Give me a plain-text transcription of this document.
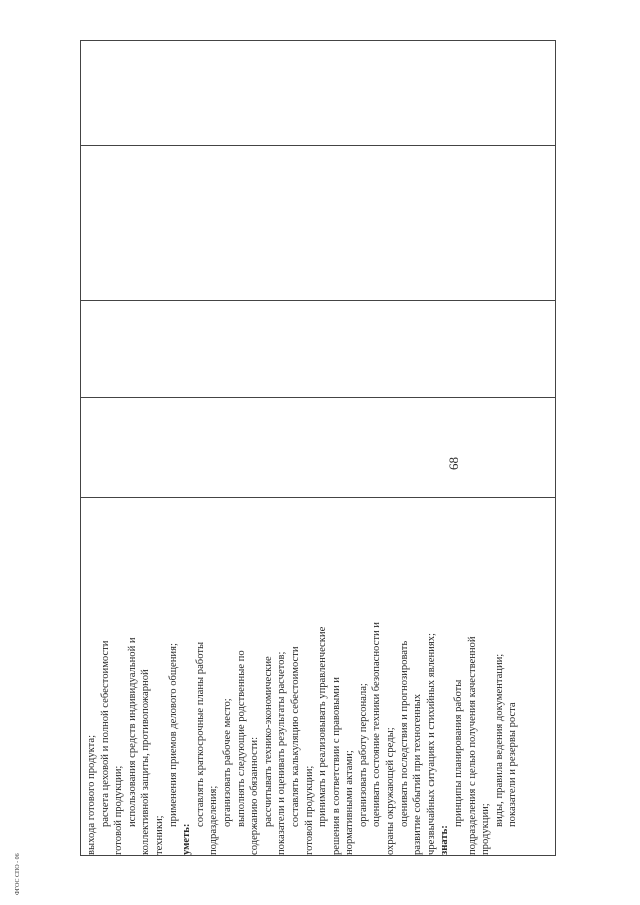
68
ФГОС СПО - 06
выхода готового продукта; расчета цеховой и полной себестоимости готовой продукции; использования средств индивидуальной и коллективной защиты, противопожарной техники;
применения приемов делового общения;
уметь:
составлять краткосрочные планы работы подразделения; организовать рабочее место; выполнять следующие родственные по содержанию обязанности: рассчитывать технико-экономические показатели и оценивать результаты расчетов; составлять калькуляцию себестоимости готовой продукции; принимать и реализовывать управленческие решения в соответствии с правовыми и нормативными актами; организовать работу персонала; оценивать состояние техники безопасности и охраны окружающей среды; оценивать последствия и прогнозировать развитие событий при техногенных чрезвычайных ситуациях и стихийных явлениях; знать:
принципы планирования работы подразделения с целью получения качественной продукции;
виды, правила ведения документации; показатели и резервы роста
